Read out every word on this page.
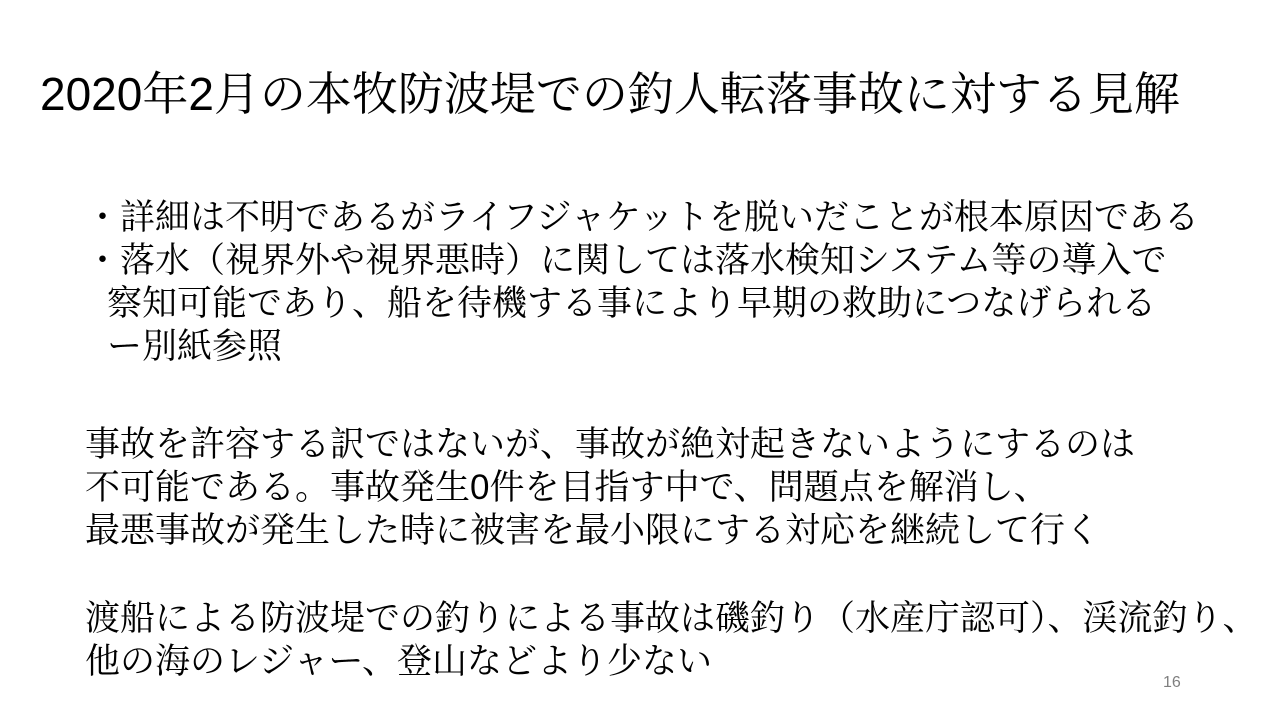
2020年2月の本牧防波堤での釣人転落事故に対する見解
・詳細は不明であるがライフジャケットを脱いだことが根本原因である
・落水（視界外や視界悪時）に関しては落水検知システム等の導入で
察知可能であり、船を待機する事により早期の救助につなげられる
ー別紙参照
事故を許容する訳ではないが、事故が絶対起きないようにするのは
不可能である。事故発生0件を目指す中で、問題点を解消し、
最悪事故が発生した時に被害を最小限にする対応を継続して行く
渡船による防波堤での釣りによる事故は磯釣り（水産庁認可）、渓流釣り、
他の海のレジャー、登山などより少ない
16
